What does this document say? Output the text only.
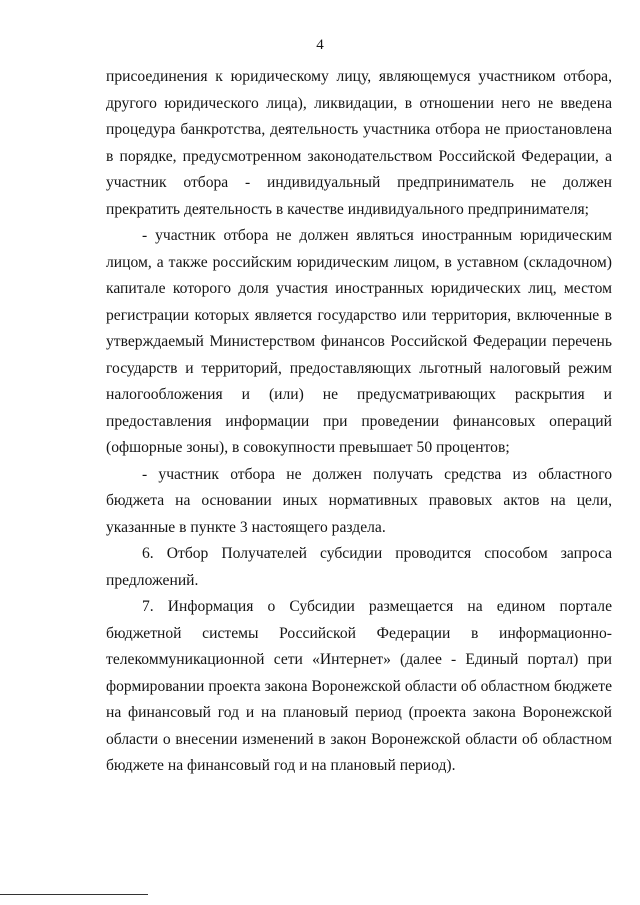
4

присоединения к юридическому лицу, являющемуся участником отбора, другого юридического лица), ликвидации, в отношении него не введена процедура банкротства, деятельность участника отбора не приостановлена в порядке, предусмотренном законодательством Российской Федерации, а участник отбора - индивидуальный предприниматель не должен прекратить деятельность в качестве индивидуального предпринимателя;

- участник отбора не должен являться иностранным юридическим лицом, а также российским юридическим лицом, в уставном (складочном) капитале которого доля участия иностранных юридических лиц, местом регистрации которых является государство или территория, включенные в утверждаемый Министерством финансов Российской Федерации перечень государств и территорий, предоставляющих льготный налоговый режим налогообложения и (или) не предусматривающих раскрытия и предоставления информации при проведении финансовых операций (офшорные зоны), в совокупности превышает 50 процентов;

- участник отбора не должен получать средства из областного бюджета на основании иных нормативных правовых актов на цели, указанные в пункте 3 настоящего раздела.

6. Отбор Получателей субсидии проводится способом запроса предложений.

7. Информация о Субсидии размещается на едином портале бюджетной системы Российской Федерации в информационно-телекоммуникационной сети «Интернет» (далее - Единый портал) при формировании проекта закона Воронежской области об областном бюджете на финансовый год и на плановый период (проекта закона Воронежской области о внесении изменений в закон Воронежской области об областном бюджете на финансовый год и на плановый период).
